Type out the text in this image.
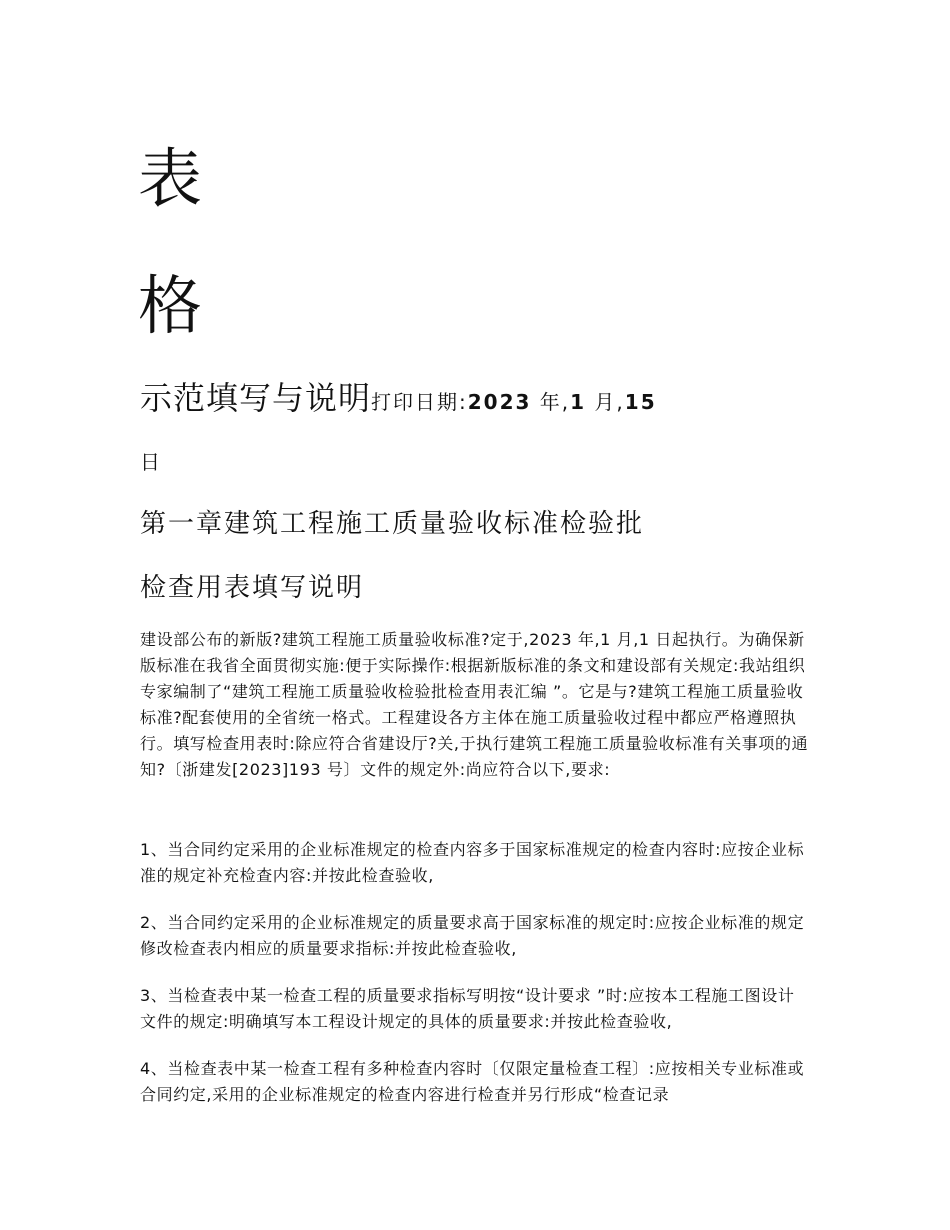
表
格
示范填写与说明打印日期:2023 年,1 月,15
日
第一章建筑工程施工质量验收标准检验批
检查用表填写说明

建设部公布的新版?建筑工程施工质量验收标准?定于,2023 年,1 月,1 日起执行。为确保新版标准在我省全面贯彻实施:便于实际操作:根据新版标准的条文和建设部有关规定:我站组织专家编制了“建筑工程施工质量验收检验批检查用表汇编 ”。它是与?建筑工程施工质量验收标准?配套使用的全省统一格式。工程建设各方主体在施工质量验收过程中都应严格遵照执行。填写检查用表时:除应符合省建设厅?关,于执行建筑工程施工质量验收标准有关事项的通知?〔浙建发[2023]193 号〕文件的规定外:尚应符合以下,要求:

1、当合同约定采用的企业标准规定的检查内容多于国家标准规定的检查内容时:应按企业标准的规定补充检查内容:并按此检查验收,

2、当合同约定采用的企业标准规定的质量要求高于国家标准的规定时:应按企业标准的规定修改检查表内相应的质量要求指标:并按此检查验收,

3、当检查表中某一检查工程的质量要求指标写明按“设计要求 ”时:应按本工程施工图设计文件的规定:明确填写本工程设计规定的具体的质量要求:并按此检查验收,

4、当检查表中某一检查工程有多种检查内容时〔仅限定量检查工程〕:应按相关专业标准或合同约定,采用的企业标准规定的检查内容进行检查并另行形成“检查记录
